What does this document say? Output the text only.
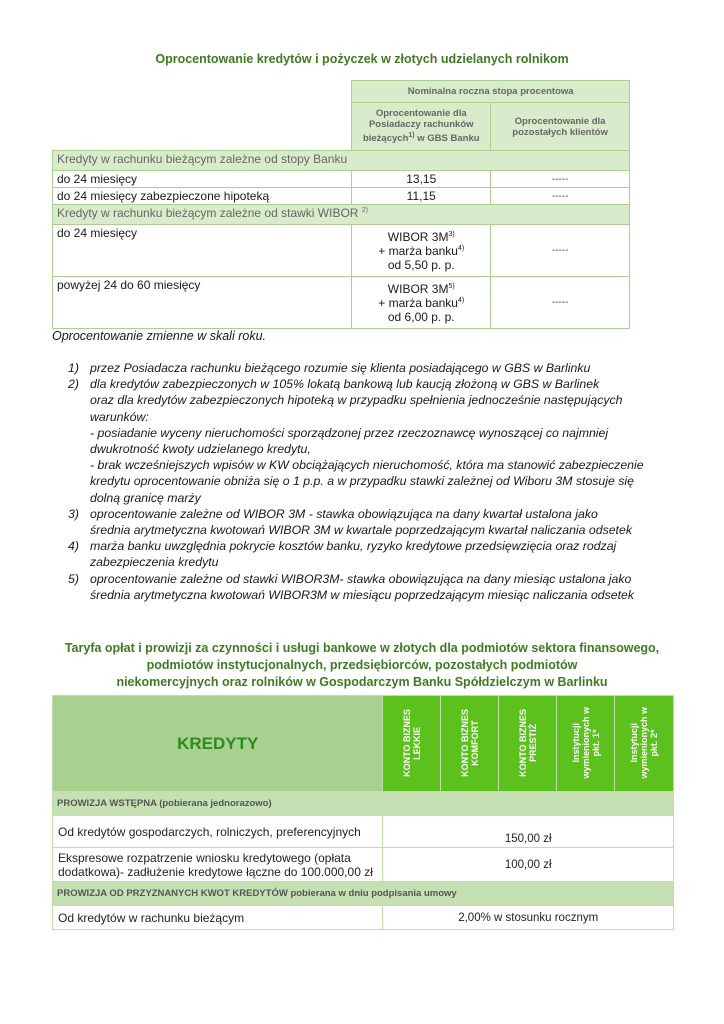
Oprocentowanie kredytów i pożyczek w złotych udzielanych rolnikom
	Nominalna roczna stopa procentowa	
	Oprocentowanie dla
Posiadaczy rachunków
bieżących$^{1)}$ w GBS Banku	Oprocentowanie dla
pozostałych klientów
Kredyty w rachunku bieżącym zależne od stopy Banku		
do 24 miesięcy	13,15	-----
do 24 miesięcy zabezpieczone hipoteką	11,15	-----
Kredyty w rachunku bieżącym zależne od stawki WIBOR $^{2)}$
do 24 miesięcy	WIBOR $3M^{3)}$
+ marża banku$^{4)}$
od 5,50 p. p.	-----
powyżej 24 do 60 miesięcy	WIBOR $3M^{5)}$
+ marża banku$^{4)}$
od 6,00 p. p.	-----
Oprocentowanie zmienne w skali roku.
1) przez Posiadacza rachunku bieżącego rozumie się klienta posiadającego w GBS w Barlinku
2) dla kredytów zabezpieczonych w 105% lokatą bankową lub kaucją złożoną w GBS w Barlinek
oraz dla kredytów zabezpieczonych hipoteką w przypadku spełnienia jednocześnie następujących
warunków:
- posiadanie wyceny nieruchomości sporządzonej przez rzeczoznawcę wynoszącej co najmniej
dwukrotność kwoty udzielanego kredytu,
- brak wcześniejszych wpisów w KW obciążających nieruchomość, która ma stanowić zabezpieczenie
kredytu oprocentowanie obniża się o 1 p.p. a w przypadku stawki zależnej od Wiboru 3M stosuje się
dolną granicę marży
3) oprocentowanie zależne od WIBOR 3M - stawka obowiązująca na dany kwartał ustalona jako
średnia arytmetyczna kwotowań WIBOR 3M w kwartale poprzedzającym kwartał naliczania odsetek
4) marża banku uwzględnia pokrycie kosztów banku, ryzyko kredytowe przedsięwzięcia oraz rodzaj
zabezpieczenia kredytu
5) oprocentowanie zależne od stawki WIBOR3M- stawka obowiązująca na dany miesiąc ustalona jako
średnia arytmetyczna kwotowań WIBOR3M w miesiącu poprzedzającym miesiąc naliczania odsetek
Taryfa opłat i prowizji za czynności i usługi bankowe w złotych dla podmiotów sektora finansowego,
podmiotów instytucjonalnych, przedsiębiorców, pozostałych podmiotów
niekomercyjnych oraz rolników w Gospodarczym Banku Spółdzielczym w Barlinku
KREDYTY	KONTO BIZNES
LEKKIE	KONTO BIZNES
KOMFORT	KONTO BIZNES
PRESTIŻ	Instytucji
wymienionych w
pkt. 1*	Instytucji
wymienionych w
pkt. 2*
PROWIZJA WSTĘPNA (pobierana jednorazowo)					
Od kredytów gospodarczych, rolniczych, preferencyjnych	150,00 zł				
Ekspresowe rozpatrzenie wniosku kredytowego (opłata dodatkowa)- zadłużenie kredytowe łączne do 100.000,00 zł	100,00 zł				
PROWIZJA OD PRZYZNANYCH KWOT KREDYTÓW pobierana w dniu podpisania umowy					
Od kredytów w rachunku bieżącym	2,00% w stosunku rocznym				
